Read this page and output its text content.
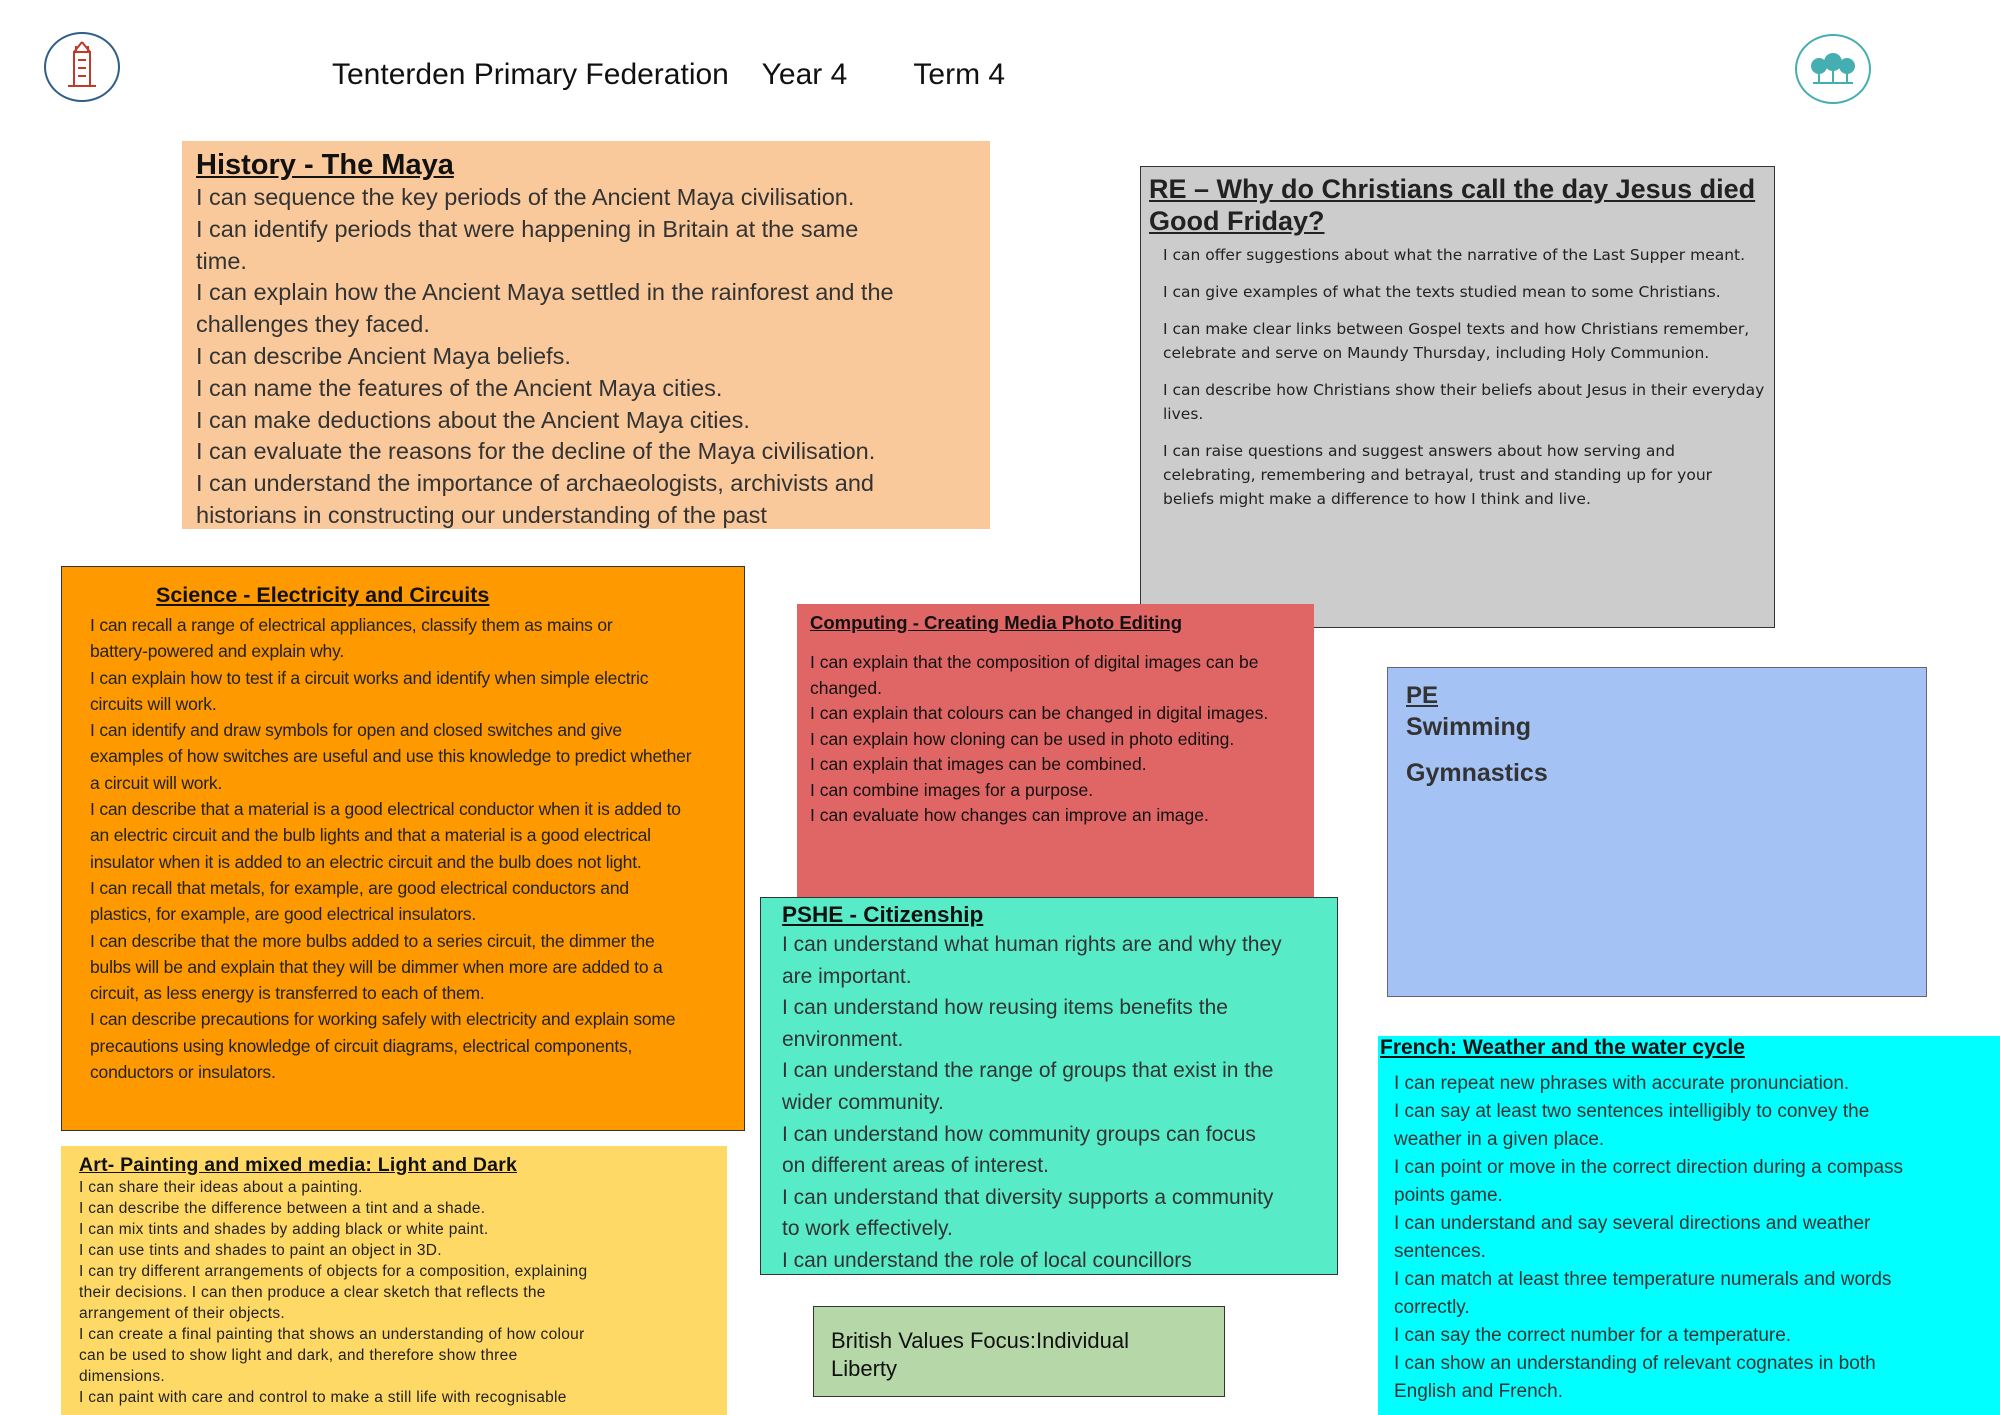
Tenterden Primary Federation    Year 4        Term 4
History - The Maya

I can sequence the key periods of the Ancient Maya civilisation.

I can identify periods that were happening in Britain at the same

time.

I can explain how the Ancient Maya settled in the rainforest and the

challenges they faced.

I can describe Ancient Maya beliefs.

I can name the features of the Ancient Maya cities.

I can make deductions about the Ancient Maya cities.

I can evaluate the reasons for the decline of the Maya civilisation.

I can understand the importance of archaeologists, archivists and

historians in constructing our understanding of the past

RE – Why do Christians call the day Jesus died Good Friday?

I can offer suggestions about what the narrative of the Last Supper meant.

I can give examples of what the texts studied mean to some Christians.

I can make clear links between Gospel texts and how Christians remember, celebrate and serve on Maundy Thursday, including Holy Communion.

I can describe how Christians show their beliefs about Jesus in their everyday lives.

I can raise questions and suggest answers about how serving and celebrating, remembering and betrayal, trust and standing up for your beliefs might make a difference to how I think and live.

Science - Electricity and Circuits

I can recall a range of electrical appliances, classify them as mains or

battery-powered and explain why.

I can explain how to test if a circuit works and identify when simple electric

circuits will work.

I can identify and draw symbols for open and closed switches and give

examples of how switches are useful and use this knowledge to predict whether

a circuit will work.

I can describe that a material is a good electrical conductor when it is added to

an electric circuit and the bulb lights and that a material is a good electrical

insulator when it is added to an electric circuit and the bulb does not light.

I can recall that metals, for example, are good electrical conductors and

plastics, for example, are good electrical insulators.

I can describe that the more bulbs added to a series circuit, the dimmer the

bulbs will be and explain that they will be dimmer when more are added to a

circuit, as less energy is transferred to each of them.

I can describe precautions for working safely with electricity and explain some

precautions using knowledge of circuit diagrams, electrical components,

conductors or insulators.

Computing - Creating Media Photo Editing

I can explain that the composition of digital images can be

changed.

I can explain that colours can be changed in digital images.

I can explain how cloning can be used in photo editing.

I can explain that images can be combined.

I can combine images for a purpose.

I can evaluate how changes can improve an image.

PE

Swimming

Gymnastics

PSHE - Citizenship

I can understand what human rights are and why they

are important.

I can understand how reusing items benefits the

environment.

I can understand the range of groups that exist in the

wider community.

I can understand how community groups can focus

on different areas of interest.

I can understand that diversity supports a community

to work effectively.

I can understand the role of local councillors

French: Weather and the water cycle

I can repeat new phrases with accurate pronunciation.

I can say at least two sentences intelligibly to convey the

weather in a given place.

I can point or move in the correct direction during a compass

points game.

I can understand and say several directions and weather

sentences.

I can match at least three temperature numerals and words

correctly.

I can say the correct number for a temperature.

I can show an understanding of relevant cognates in both

English and French.

Art- Painting and mixed media: Light and Dark

I can share their ideas about a painting.

I can describe the difference between a tint and a shade.

I can mix tints and shades by adding black or white paint.

I can use tints and shades to paint an object in 3D.

I can try different arrangements of objects for a composition, explaining

their decisions. I can then produce a clear sketch that reflects the

arrangement of their objects.

I can create a final painting that shows an understanding of how colour

can be used to show light and dark, and therefore show three

dimensions.

I can paint with care and control to make a still life with recognisable

British Values Focus:Individual

Liberty
